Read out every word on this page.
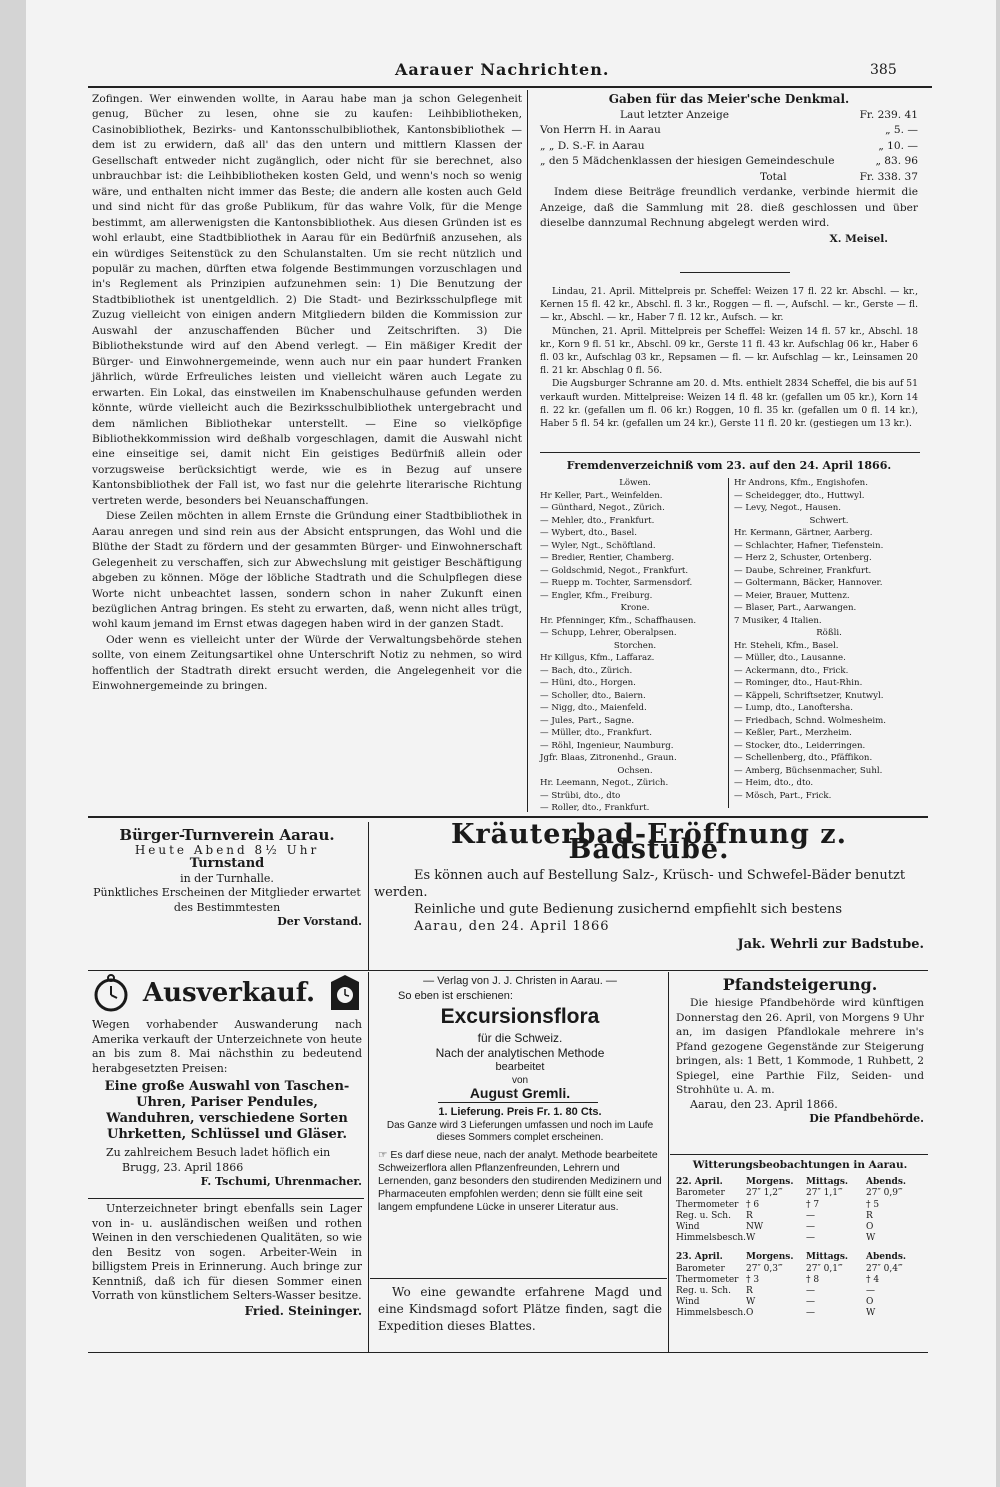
Aarauer Nachrichten.	385

Zofingen. Wer einwenden wollte, in Aarau habe man ja schon Gelegenheit genug, Bücher zu lesen, ohne sie zu kaufen: Leihbibliotheken, Casinobibliothek, Bezirks- und Kantonsschulbibliothek, Kantonsbibliothek — dem ist zu erwidern, daß all' das den untern und mittlern Klassen der Gesellschaft entweder nicht zugänglich, oder nicht für sie berechnet, also unbrauchbar ist: die Leihbibliotheken kosten Geld, und wenn's noch so wenig wäre, und enthalten nicht immer das Beste; die andern alle kosten auch Geld und sind nicht für das große Publikum, für das wahre Volk, für die Menge bestimmt, am allerwenigsten die Kantonsbibliothek. Aus diesen Gründen ist es wohl erlaubt, eine Stadtbibliothek in Aarau für ein Bedürfniß anzusehen, als ein würdiges Seitenstück zu den Schulanstalten. Um sie recht nützlich und populär zu machen, dürften etwa folgende Bestimmungen vorzuschlagen und in's Reglement als Prinzipien aufzunehmen sein: 1) Die Benutzung der Stadtbibliothek ist unentgeldlich. 2) Die Stadt- und Bezirksschulpflege mit Zuzug vielleicht von einigen andern Mitgliedern bilden die Kommission zur Auswahl der anzuschaffenden Bücher und Zeitschriften. 3) Die Bibliothekstunde wird auf den Abend verlegt. — Ein mäßiger Kredit der Bürger- und Einwohnergemeinde, wenn auch nur ein paar hundert Franken jährlich, würde Erfreuliches leisten und vielleicht wären auch Legate zu erwarten. Ein Lokal, das einstweilen im Knabenschulhause gefunden werden könnte, würde vielleicht auch die Bezirksschulbibliothek untergebracht und dem nämlichen Bibliothekar unterstellt. — Eine so vielköpfige Bibliothekkommission wird deßhalb vorgeschlagen, damit die Auswahl nicht eine einseitige sei, damit nicht Ein geistiges Bedürfniß allein oder vorzugsweise berücksichtigt werde, wie es in Bezug auf unsere Kantonsbibliothek der Fall ist, wo fast nur die gelehrte literarische Richtung vertreten werde, besonders bei Neuanschaffungen.

Diese Zeilen möchten in allem Ernste die Gründung einer Stadtbibliothek in Aarau anregen und sind rein aus der Absicht entsprungen, das Wohl und die Blüthe der Stadt zu fördern und der gesammten Bürger- und Einwohnerschaft Gelegenheit zu verschaffen, sich zur Abwechslung mit geistiger Beschäftigung abgeben zu können. Möge der löbliche Stadtrath und die Schulpflegen diese Worte nicht unbeachtet lassen, sondern schon in naher Zukunft einen bezüglichen Antrag bringen. Es steht zu erwarten, daß, wenn nicht alles trügt, wohl kaum jemand im Ernst etwas dagegen haben wird in der ganzen Stadt.

Oder wenn es vielleicht unter der Würde der Verwaltungsbehörde stehen sollte, von einem Zeitungsartikel ohne Unterschrift Notiz zu nehmen, so wird hoffentlich der Stadtrath direkt ersucht werden, die Angelegenheit vor die Einwohnergemeinde zu bringen.

Gaben für das Meier'sche Denkmal.
Laut letzter Anzeige	Fr. 239. 41
Von Herrn H. in Aarau	„ 5. —
„ „ D. S.-F. in Aarau	„ 10. —
„ den 5 Mädchenklassen der hiesigen Gemeindeschule	„ 83. 96
Total	Fr. 338. 37
Indem diese Beiträge freundlich verdanke, verbinde hiermit die Anzeige, daß die Sammlung mit 28. dieß geschlossen und über dieselbe dannzumal Rechnung abgelegt werden wird.
X. Meisel.
Lindau, 21. April. Mittelpreis pr. Scheffel: Weizen 17 fl. 22 kr. Abschl. — kr., Kernen 15 fl. 42 kr., Abschl. fl. 3 kr., Roggen — fl. —, Aufschl. — kr., Gerste — fl. — kr., Abschl. — kr., Haber 7 fl. 12 kr., Aufsch. — kr.
München, 21. April. Mittelpreis per Scheffel: Weizen 14 fl. 57 kr., Abschl. 18 kr., Korn 9 fl. 51 kr., Abschl. 09 kr., Gerste 11 fl. 43 kr. Aufschlag 06 kr., Haber 6 fl. 03 kr., Aufschlag 03 kr., Repsamen — fl. — kr. Aufschlag — kr., Leinsamen 20 fl. 21 kr. Abschlag 0 fl. 56.
Die Augsburger Schranne am 20. d. Mts. enthielt 2834 Scheffel, die bis auf 51 verkauft wurden. Mittelpreise: Weizen 14 fl. 48 kr. (gefallen um 05 kr.), Korn 14 fl. 22 kr. (gefallen um fl. 06 kr.) Roggen, 10 fl. 35 kr. (gefallen um 0 fl. 14 kr.), Haber 5 fl. 54 kr. (gefallen um 24 kr.), Gerste 11 fl. 20 kr. (gestiegen um 13 kr.).
Fremdenverzeichniß vom 23. auf den 24. April 1866.
Löwen.
Hr Keller, Part., Weinfelden.
— Günthard, Negot., Zürich.
— Mehler, dto., Frankfurt.
— Wybert, dto., Basel.
— Wyler, Ngt., Schöftland.
— Bredier, Rentier, Chamberg.
— Goldschmid, Negot., Frankfurt.
— Ruepp m. Tochter, Sarmensdorf.
— Engler, Kfm., Freiburg.
Krone.
Hr. Pfenninger, Kfm., Schaffhausen.
— Schupp, Lehrer, Oberalpsen.
Storchen.
Hr Killgus, Kfm., Laffaraz.
— Bach, dto., Zürich.
— Hüni, dto., Horgen.
— Scholler, dto., Baiern.
— Nigg, dto., Maienfeld.
— Jules, Part., Sagne.
— Müller, dto., Frankfurt.
— Röhl, Ingenieur, Naumburg.
Jgfr. Blaas, Zitronenhd., Graun.
Ochsen.
Hr. Leemann, Negot., Zürich.
— Strübi, dto., dto
— Roller, dto., Frankfurt.
Hr Androns, Kfm., Engishofen.
— Scheidegger, dto., Huttwyl.
— Levy, Negot., Hausen.
Schwert.
Hr. Kermann, Gärtner, Aarberg.
— Schlachter, Hafner, Tiefenstein.
— Herz 2, Schuster, Ortenberg.
— Daube, Schreiner, Frankfurt.
— Goltermann, Bäcker, Hannover.
— Meier, Brauer, Muttenz.
— Blaser, Part., Aarwangen.
7 Musiker, 4 Italien.
Rößli.
Hr. Steheli, Kfm., Basel.
— Müller, dto., Lausanne.
— Ackermann, dto., Frick.
— Rominger, dto., Haut-Rhin.
— Käppeli, Schriftsetzer, Knutwyl.
— Lump, dto., Lanoftersha.
— Friedbach, Schnd. Wolmesheim.
— Keßler, Part., Merzheim.
— Stocker, dto., Leiderringen.
— Schellenberg, dto., Pfäffikon.
— Amberg, Büchsenmacher, Suhl.
— Heim, dto., dto.
— Mösch, Part., Frick.
Bürger-Turnverein Aarau.
Heute Abend 8½ Uhr
Turnstand
in der Turnhalle.
Pünktliches Erscheinen der Mitglieder erwartet des Bestimmtesten
Der Vorstand.
Kräuterbad-Eröffnung z. Badstube.
Es können auch auf Bestellung Salz-, Krüsch- und Schwefel-Bäder benutzt werden.
Reinliche und gute Bedienung zusichernd empfiehlt sich bestens
Aarau, den 24. April 1866
Jak. Wehrli zur Badstube.
Ausverkauf.
Wegen vorhabender Auswanderung nach Amerika verkauft der Unterzeichnete von heute an bis zum 8. Mai nächsthin zu bedeutend herabgesetzten Preisen:
Eine große Auswahl von Taschen-Uhren, Pariser Pendules, Wanduhren, verschiedene Sorten Uhrketten, Schlüssel und Gläser.
Zu zahlreichem Besuch ladet höflich ein
Brugg, 23. April 1866
F. Tschumi, Uhrenmacher.
Unterzeichneter bringt ebenfalls sein Lager von in- u. ausländischen weißen und rothen Weinen in den verschiedenen Qualitäten, so wie den Besitz von sogen. Arbeiter-Wein in billigstem Preis in Erinnerung. Auch bringe zur Kenntniß, daß ich für diesen Sommer einen Vorrath von künstlichem Selters-Wasser besitze.
Fried. Steininger.
— Verlag von J. J. Christen in Aarau. —
So eben ist erschienen:
Excursionsflora
für die Schweiz.
Nach der analytischen Methode
bearbeitet
von
August Gremli.
1. Lieferung. Preis Fr. 1. 80 Cts.
Das Ganze wird 3 Lieferungen umfassen und noch im Laufe dieses Sommers complet erscheinen.
☞ Es darf diese neue, nach der analyt. Methode bearbeitete Schweizerflora allen Pflanzenfreunden, Lehrern und Lernenden, ganz besonders den studirenden Medizinern und Pharmaceuten empfohlen werden; denn sie füllt eine seit langem empfundene Lücke in unserer Literatur aus.
Wo eine gewandte erfahrene Magd und eine Kindsmagd sofort Plätze finden, sagt die Expedition dieses Blattes.
Pfandsteigerung.
Die hiesige Pfandbehörde wird künftigen Donnerstag den 26. April, von Morgens 9 Uhr an, im dasigen Pfandlokale mehrere in's Pfand gezogene Gegenstände zur Steigerung bringen, als: 1 Bett, 1 Kommode, 1 Ruhbett, 2 Spiegel, eine Parthie Filz, Seiden- und Strohhüte u. A. m.
Aarau, den 23. April 1866.
Die Pfandbehörde.
Witterungsbeobachtungen in Aarau.
22. April.	Morgens.	Mittags.	Abends.
Barometer	27″ 1,2‴	27″ 1,1‴	27″ 0,9‴
Thermometer † 6	† 7	† 5
Reg. u. Sch.	R	—	R
Wind	NW	—	O
Himmelsbesch. W	—	W
23. April.	Morgens.	Mittags.	Abends.
Barometer	27″ 0,3‴	27″ 0,1‴	27″ 0,4‴
Thermometer † 3	† 8	† 4
Reg. u. Sch.	R	—	—
Wind	W	—	O
Himmelsbesch. O	—	W
